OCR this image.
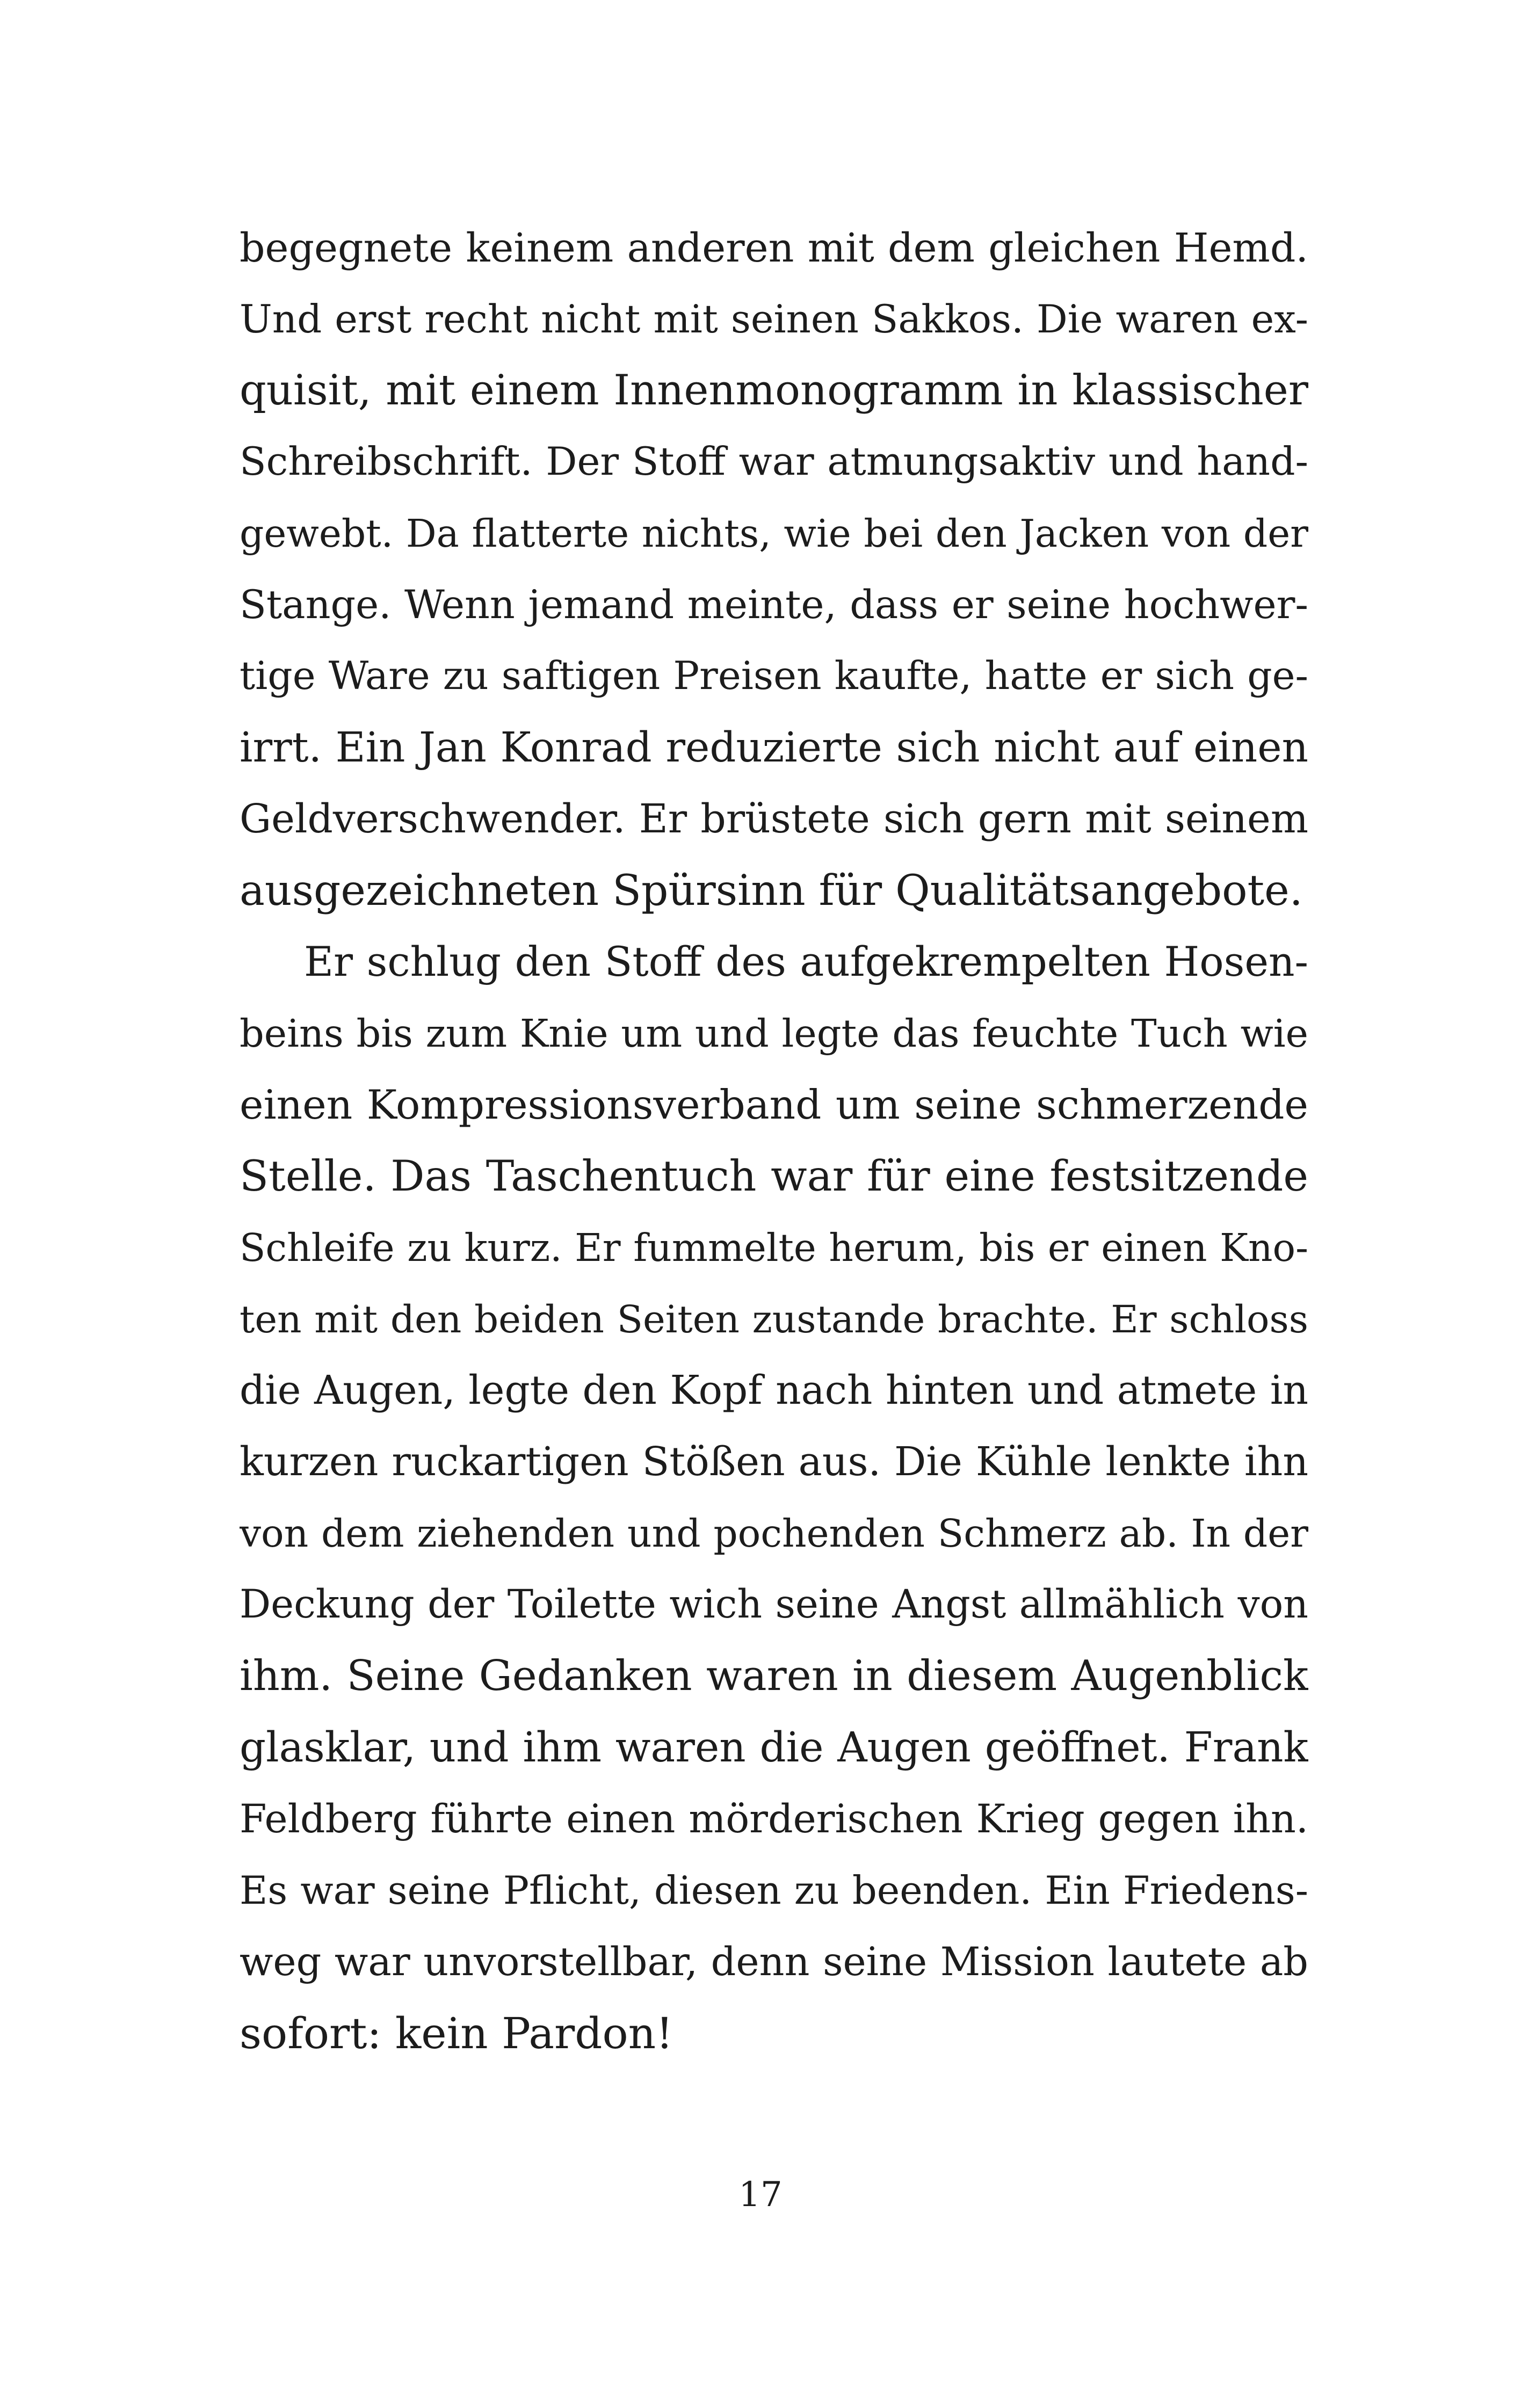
begegnete keinem anderen mit dem gleichen Hemd.
Und erst recht nicht mit seinen Sakkos. Die waren ex-
quisit, mit einem Innenmonogramm in klassischer
Schreibschrift. Der Stoff war atmungsaktiv und hand-
gewebt. Da flatterte nichts, wie bei den Jacken von der
Stange. Wenn jemand meinte, dass er seine hochwer-
tige Ware zu saftigen Preisen kaufte, hatte er sich ge-
irrt. Ein Jan Konrad reduzierte sich nicht auf einen
Geldverschwender. Er brüstete sich gern mit seinem
ausgezeichneten Spürsinn für Qualitätsangebote.
Er schlug den Stoff des aufgekrempelten Hosen-
beins bis zum Knie um und legte das feuchte Tuch wie
einen Kompressionsverband um seine schmerzende
Stelle. Das Taschentuch war für eine festsitzende
Schleife zu kurz. Er fummelte herum, bis er einen Kno-
ten mit den beiden Seiten zustande brachte. Er schloss
die Augen, legte den Kopf nach hinten und atmete in
kurzen ruckartigen Stößen aus. Die Kühle lenkte ihn
von dem ziehenden und pochenden Schmerz ab. In der
Deckung der Toilette wich seine Angst allmählich von
ihm. Seine Gedanken waren in diesem Augenblick
glasklar, und ihm waren die Augen geöffnet. Frank
Feldberg führte einen mörderischen Krieg gegen ihn.
Es war seine Pflicht, diesen zu beenden. Ein Friedens-
weg war unvorstellbar, denn seine Mission lautete ab
sofort: kein Pardon!
17
